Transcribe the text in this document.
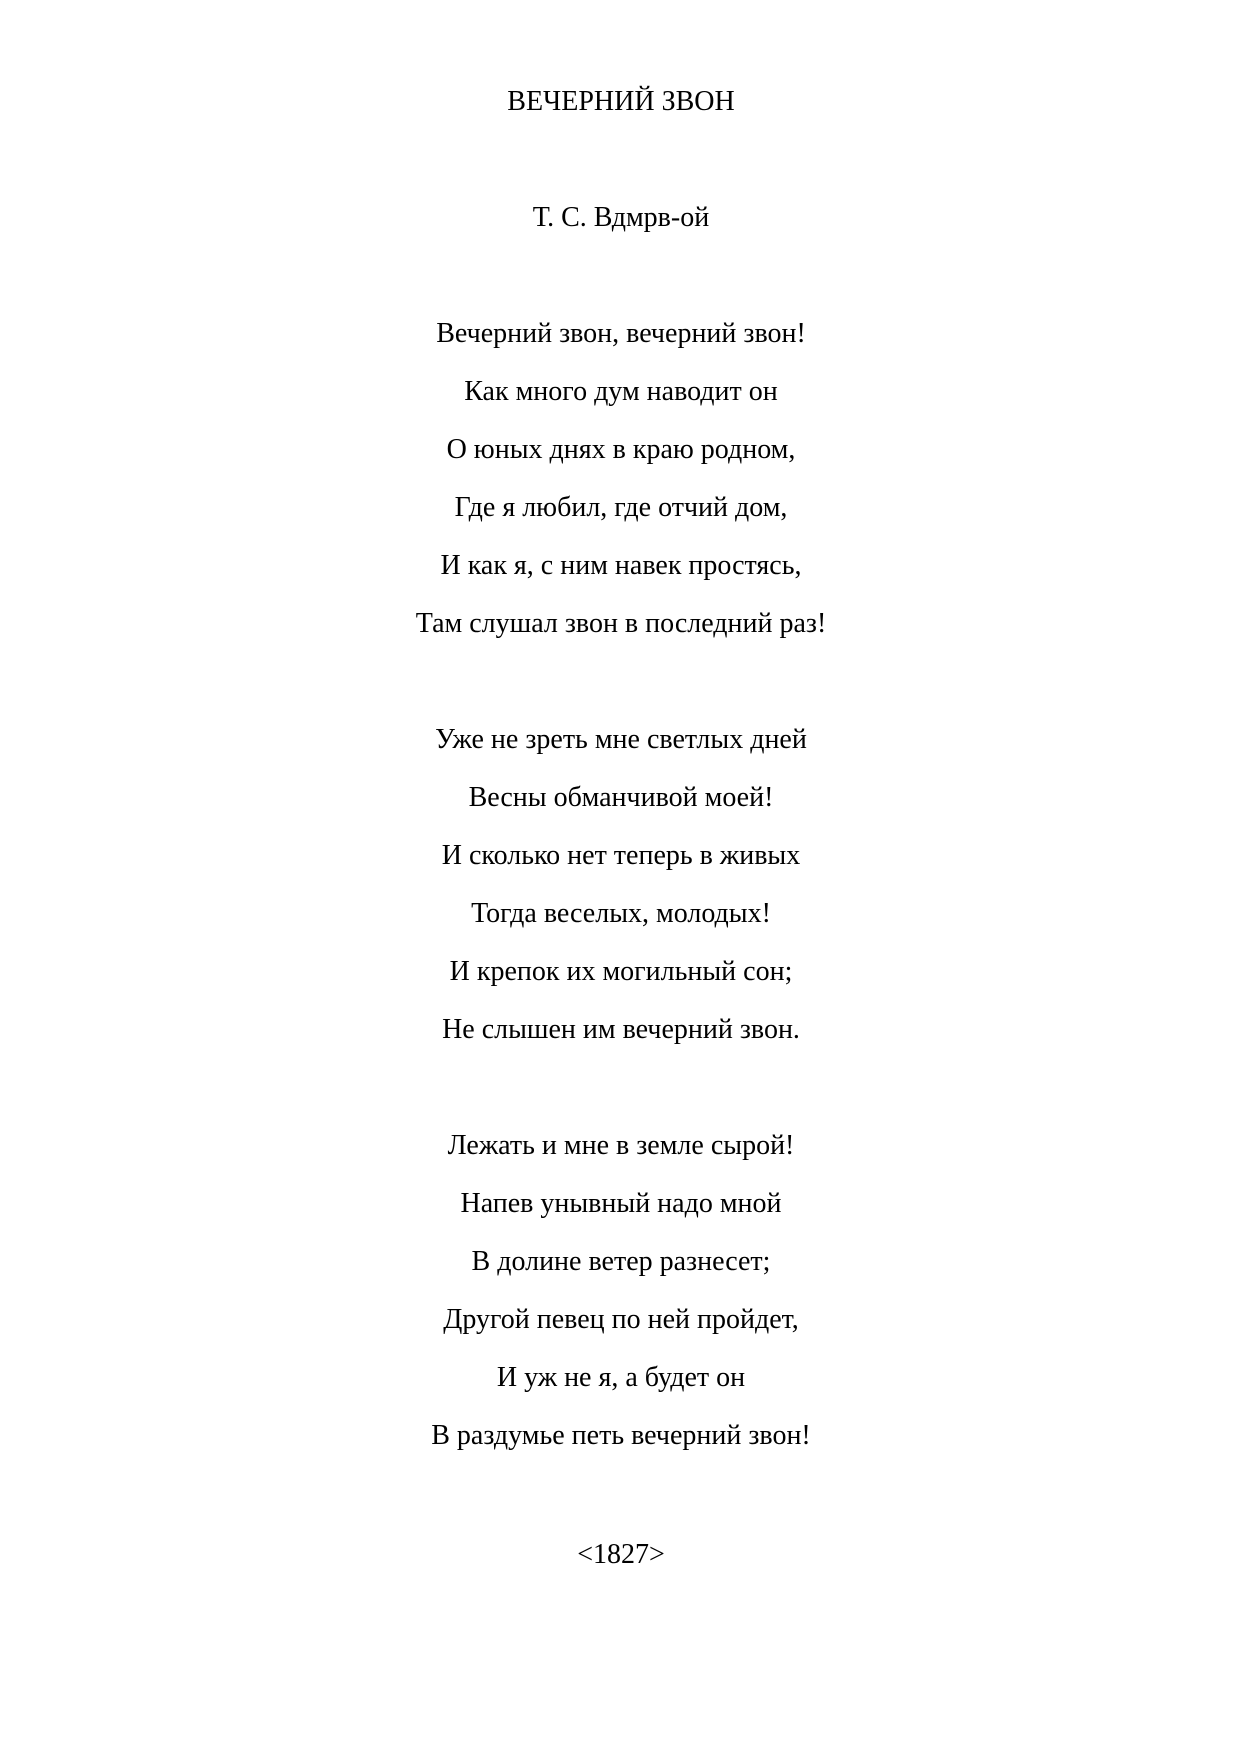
ВЕЧЕРНИЙ ЗВОН
Т. С. Вдмрв-ой
Вечерний звон, вечерний звон!
Как много дум наводит он
О юных днях в краю родном,
Где я любил, где отчий дом,
И как я, с ним навек простясь,
Там слушал звон в последний раз!
Уже не зреть мне светлых дней
Весны обманчивой моей!
И сколько нет теперь в живых
Тогда веселых, молодых!
И крепок их могильный сон;
Не слышен им вечерний звон.
Лежать и мне в земле сырой!
Напев унывный надо мной
В долине ветер разнесет;
Другой певец по ней пройдет,
И уж не я, а будет он
В раздумье петь вечерний звон!
<1827>
